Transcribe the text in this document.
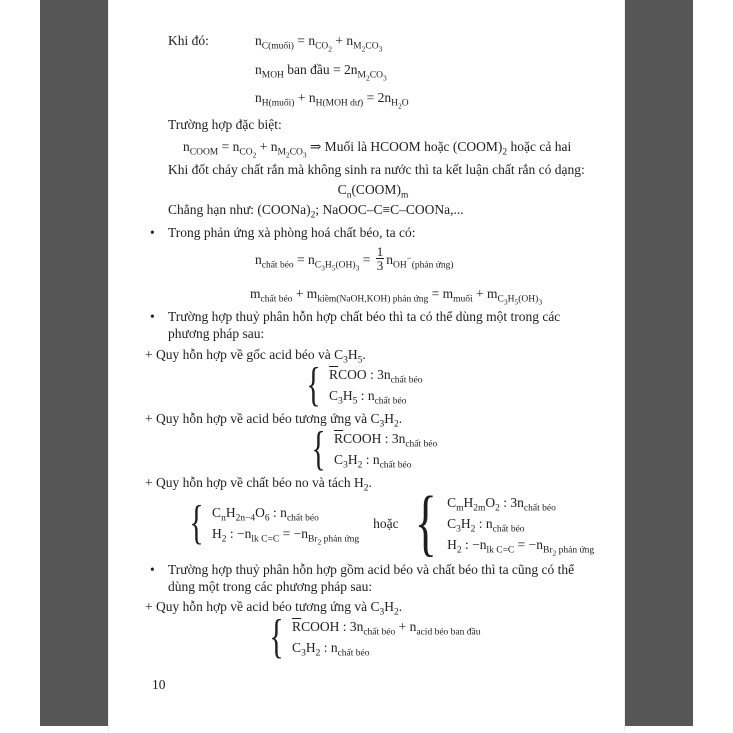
Khi đó:	$n_{C(muối)} = n_{CO2} + n_{M2CO3}$
$n_{MOH}$ ban đầu = $2n_{M2CO3}$
$n_{H(muối)} + n_{H(MOH dư)} = 2n_{H2O}$
Trường hợp đặc biệt:
$n_{COOM} = n_{CO2} + n_{M2CO3}$ ⇒ Muối là HCOOM hoặc $(COOM)_2$ hoặc cả hai
Khi đốt cháy chất rắn mà không sinh ra nước thì ta kết luận chất rắn có dạng:
$C_n(COOM)_m$
Chẳng hạn như: $(COONa)_2$; NaOOC–C≡C–COONa,...
• Trong phản ứng xà phòng hoá chất béo, ta có:
$n_{chất béo} = n_{C3H5(OH)3} = \frac{1}{3} n_{OH}^-_{(phản ứng)}$
$m_{chất béo} + m_{kiềm(NaOH,KOH) phản ứng} = m_{muối} + m_{C3H5(OH)3}$
• Trường hợp thuỷ phân hỗn hợp chất béo thì ta có thể dùng một trong các phương pháp sau:
+ Quy hỗn hợp về gốc acid béo và $C_3H_5$.
$\overline{R}COO$ : $3n_{chất béo}$
$C_3H_5$ : $n_{chất béo}$
+ Quy hỗn hợp về acid béo tương ứng và $C_3H_2$.
$\overline{R}COOH$ : $3n_{chất béo}$
$C_3H_2$ : $n_{chất béo}$
+ Quy hỗn hợp về chất béo no và tách $H_2$.
$C_nH_{2n-4}O_6$ : $n_{chất béo}$
$H_2$ : $-n_{lk C=C} = -n_{Br2}$ $_{phản ứng}$
hoặc
$C_mH_{2m}O_2$ : $3n_{chất béo}$
$C_3H_2$ : $n_{chất béo}$
$H_2$ : $-n_{lk C=C} = -n_{Br2}$ $_{phản ứng}$
• Trường hợp thuỷ phân hỗn hợp gồm acid béo và chất béo thì ta cũng có thể dùng một trong các phương pháp sau:
+ Quy hỗn hợp về acid béo tương ứng và $C_3H_2$.
$\overline{R}COOH$ : $3n_{chất béo} + n_{acid béo ban đầu}$
$C_3H_2$ : $n_{chất béo}$
10
